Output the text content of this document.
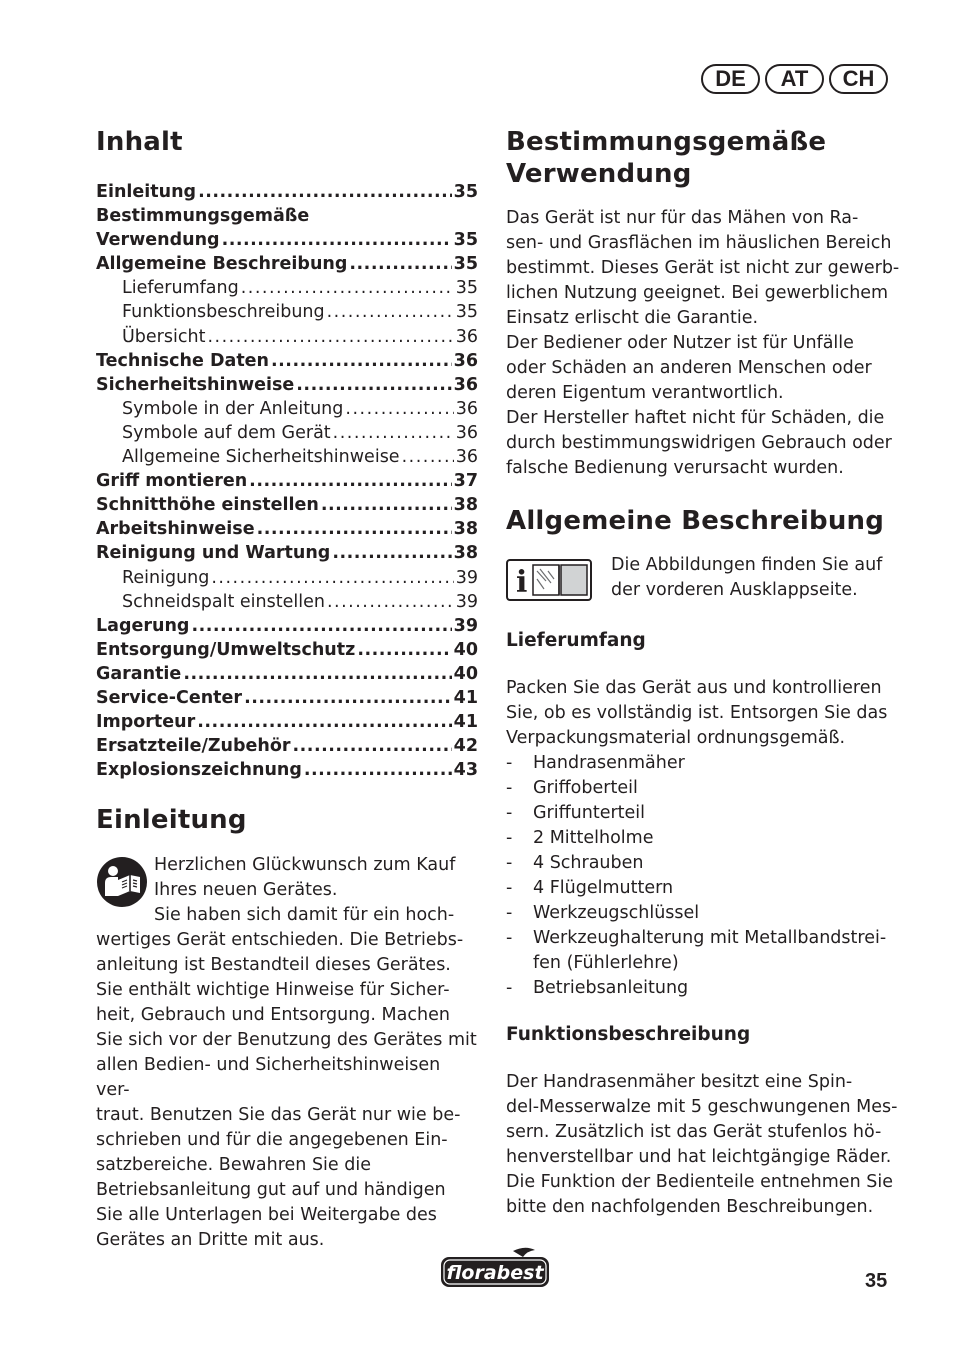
DE	AT	CH
Inhalt
Einleitung .....	35
Bestimmungsgemäße
Verwendung .....	35
Allgemeine Beschreibung .....	35
Lieferumfang .....	35
Funktionsbeschreibung .....	35
Übersicht .....	36
Technische Daten .....	36
Sicherheitshinweise .....	36
Symbole in der Anleitung .....	36
Symbole auf dem Gerät .....	36
Allgemeine Sicherheitshinweise .....	36
Griff montieren .....	37
Schnitthöhe einstellen .....	38
Arbeitshinweise .....	38
Reinigung und Wartung .....	38
Reinigung .....	39
Schneidspalt einstellen .....	39
Lagerung .....	39
Entsorgung/Umweltschutz .....	40
Garantie .....	40
Service-Center .....	41
Importeur .....	41
Ersatzteile/Zubehör .....	42
Explosionszeichnung .....	43
Einleitung

Herzlichen Glückwunsch zum Kauf

Ihres neuen Gerätes.

Sie haben sich damit für ein hoch-

wertiges Gerät entschieden. Die Betriebs-

anleitung ist Bestandteil dieses Gerätes.

Sie enthält wichtige Hinweise für Sicher-

heit, Gebrauch und Entsorgung. Machen

Sie sich vor der Benutzung des Gerätes mit

allen Bedien- und Sicherheitshinweisen ver-

traut. Benutzen Sie das Gerät nur wie be-

schrieben und für die angegebenen Ein-

satzbereiche. Bewahren Sie die

Betriebsanleitung gut auf und händigen

Sie alle Unterlagen bei Weitergabe des

Gerätes an Dritte mit aus.

Bestimmungsgemäße
Verwendung

Das Gerät ist nur für das Mähen von Ra-

sen- und Grasflächen im häuslichen Bereich

bestimmt. Dieses Gerät ist nicht zur gewerb-

lichen Nutzung geeignet. Bei gewerblichem

Einsatz erlischt die Garantie.

Der Bediener oder Nutzer ist für Unfälle

oder Schäden an anderen Menschen oder

deren Eigentum verantwortlich.

Der Hersteller haftet nicht für Schäden, die

durch bestimmungswidrigen Gebrauch oder

falsche Bedienung verursacht wurden.

Allgemeine Beschreibung
i	Die Abbildungen finden Sie auf
der vorderen Ausklappseite.
Lieferumfang

Packen Sie das Gerät aus und kontrollieren

Sie, ob es vollständig ist. Entsorgen Sie das

Verpackungsmaterial ordnungsgemäß.

- Handrasenmäher
- Griffoberteil
- Griffunterteil
- 2 Mittelholme
- 4 Schrauben
- 4 Flügelmuttern
- Werkzeugschlüssel
- Werkzeughalterung mit Metallbandstrei-
fen (Fühlerlehre)
- Betriebsanleitung
Funktionsbeschreibung

Der Handrasenmäher besitzt eine Spin-

del-Messerwalze mit 5 geschwungenen Mes-

sern. Zusätzlich ist das Gerät stufenlos hö-

henverstellbar und hat leichtgängige Räder.

Die Funktion der Bedienteile entnehmen Sie

bitte den nachfolgenden Beschreibungen.

florabest	35
